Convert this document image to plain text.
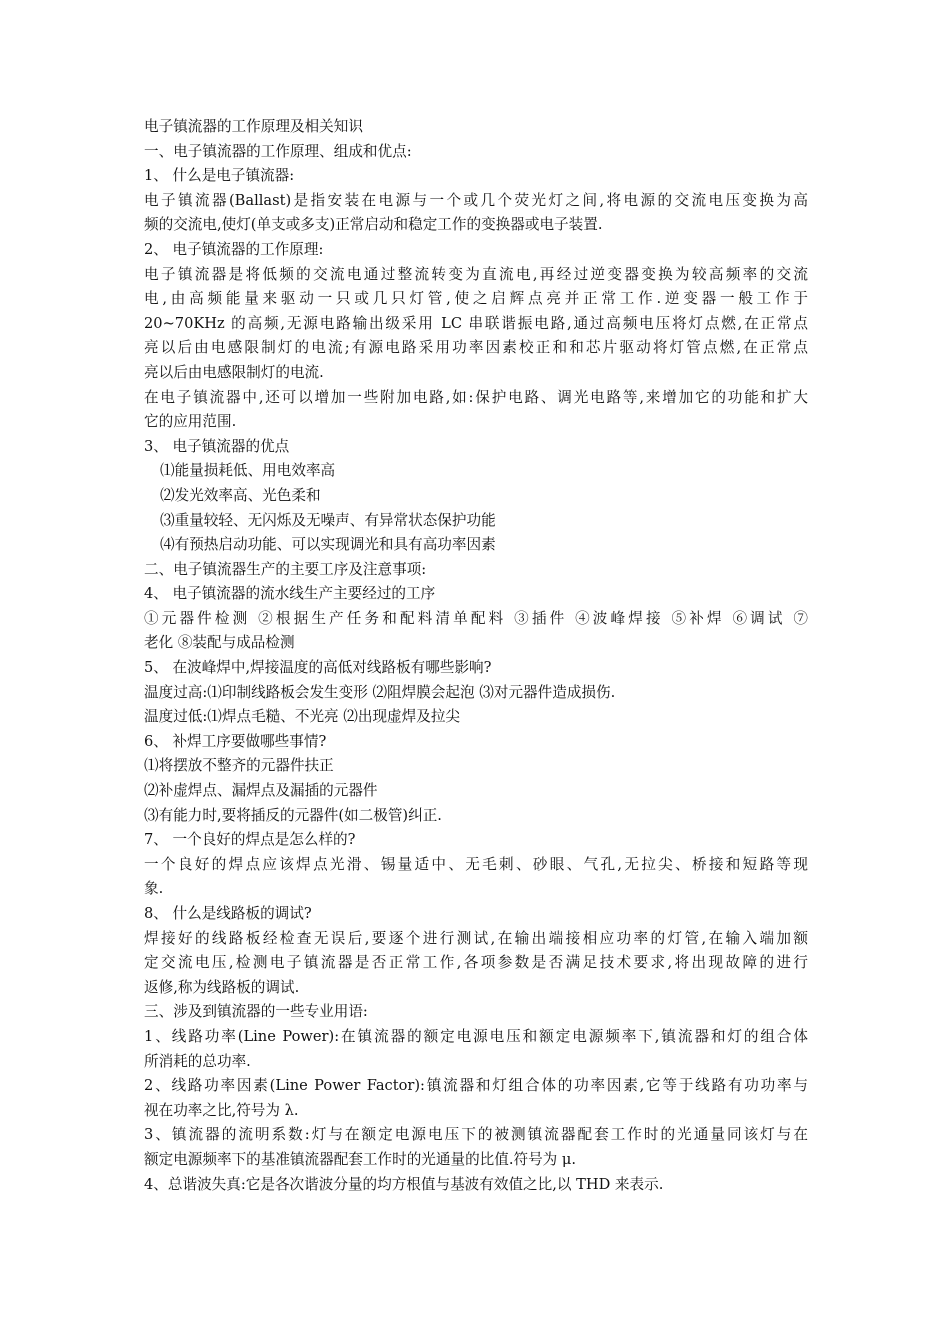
电子镇流器的工作原理及相关知识
一、电子镇流器的工作原理、组成和优点:
1、 什么是电子镇流器:
电子镇流器(Ballast)是指安装在电源与一个或几个荧光灯之间,将电源的交流电压变换为高
频的交流电,使灯(单支或多支)正常启动和稳定工作的变换器或电子装置.
2、 电子镇流器的工作原理:
电子镇流器是将低频的交流电通过整流转变为直流电,再经过逆变器变换为较高频率的交流
电,由高频能量来驱动一只或几只灯管,使之启辉点亮并正常工作.逆变器一般工作于
20~70KHz 的高频,无源电路输出级采用 LC 串联谐振电路,通过高频电压将灯点燃,在正常点
亮以后由电感限制灯的电流;有源电路采用功率因素校正和和芯片驱动将灯管点燃,在正常点
亮以后由电感限制灯的电流.
在电子镇流器中,还可以增加一些附加电路,如:保护电路、调光电路等,来增加它的功能和扩大
它的应用范围.
3、 电子镇流器的优点
⑴能量损耗低、用电效率高
⑵发光效率高、光色柔和
⑶重量较轻、无闪烁及无噪声、有异常状态保护功能
⑷有预热启动功能、可以实现调光和具有高功率因素
二、电子镇流器生产的主要工序及注意事项:
4、 电子镇流器的流水线生产主要经过的工序
①元器件检测 ②根据生产任务和配料清单配料 ③插件 ④波峰焊接 ⑤补焊 ⑥调试 ⑦
老化 ⑧装配与成品检测
5、 在波峰焊中,焊接温度的高低对线路板有哪些影响?
温度过高:⑴印制线路板会发生变形 ⑵阻焊膜会起泡 ⑶对元器件造成损伤.
温度过低:⑴焊点毛糙、不光亮 ⑵出现虚焊及拉尖
6、 补焊工序要做哪些事情?
⑴将摆放不整齐的元器件扶正
⑵补虚焊点、漏焊点及漏插的元器件
⑶有能力时,要将插反的元器件(如二极管)纠正.
7、 一个良好的焊点是怎么样的?
一个良好的焊点应该焊点光滑、锡量适中、无毛刺、砂眼、气孔,无拉尖、桥接和短路等现
象.
8、 什么是线路板的调试?
焊接好的线路板经检查无误后,要逐个进行测试,在输出端接相应功率的灯管,在输入端加额
定交流电压,检测电子镇流器是否正常工作,各项参数是否满足技术要求,将出现故障的进行
返修,称为线路板的调试.
三、涉及到镇流器的一些专业用语:
1、线路功率(Line Power):在镇流器的额定电源电压和额定电源频率下,镇流器和灯的组合体
所消耗的总功率.
2、线路功率因素(Line Power Factor):镇流器和灯组合体的功率因素,它等于线路有功功率与
视在功率之比,符号为 λ.
3、镇流器的流明系数:灯与在额定电源电压下的被测镇流器配套工作时的光通量同该灯与在
额定电源频率下的基准镇流器配套工作时的光通量的比值.符号为 μ.
4、总谐波失真:它是各次谐波分量的均方根值与基波有效值之比,以 THD 来表示.
